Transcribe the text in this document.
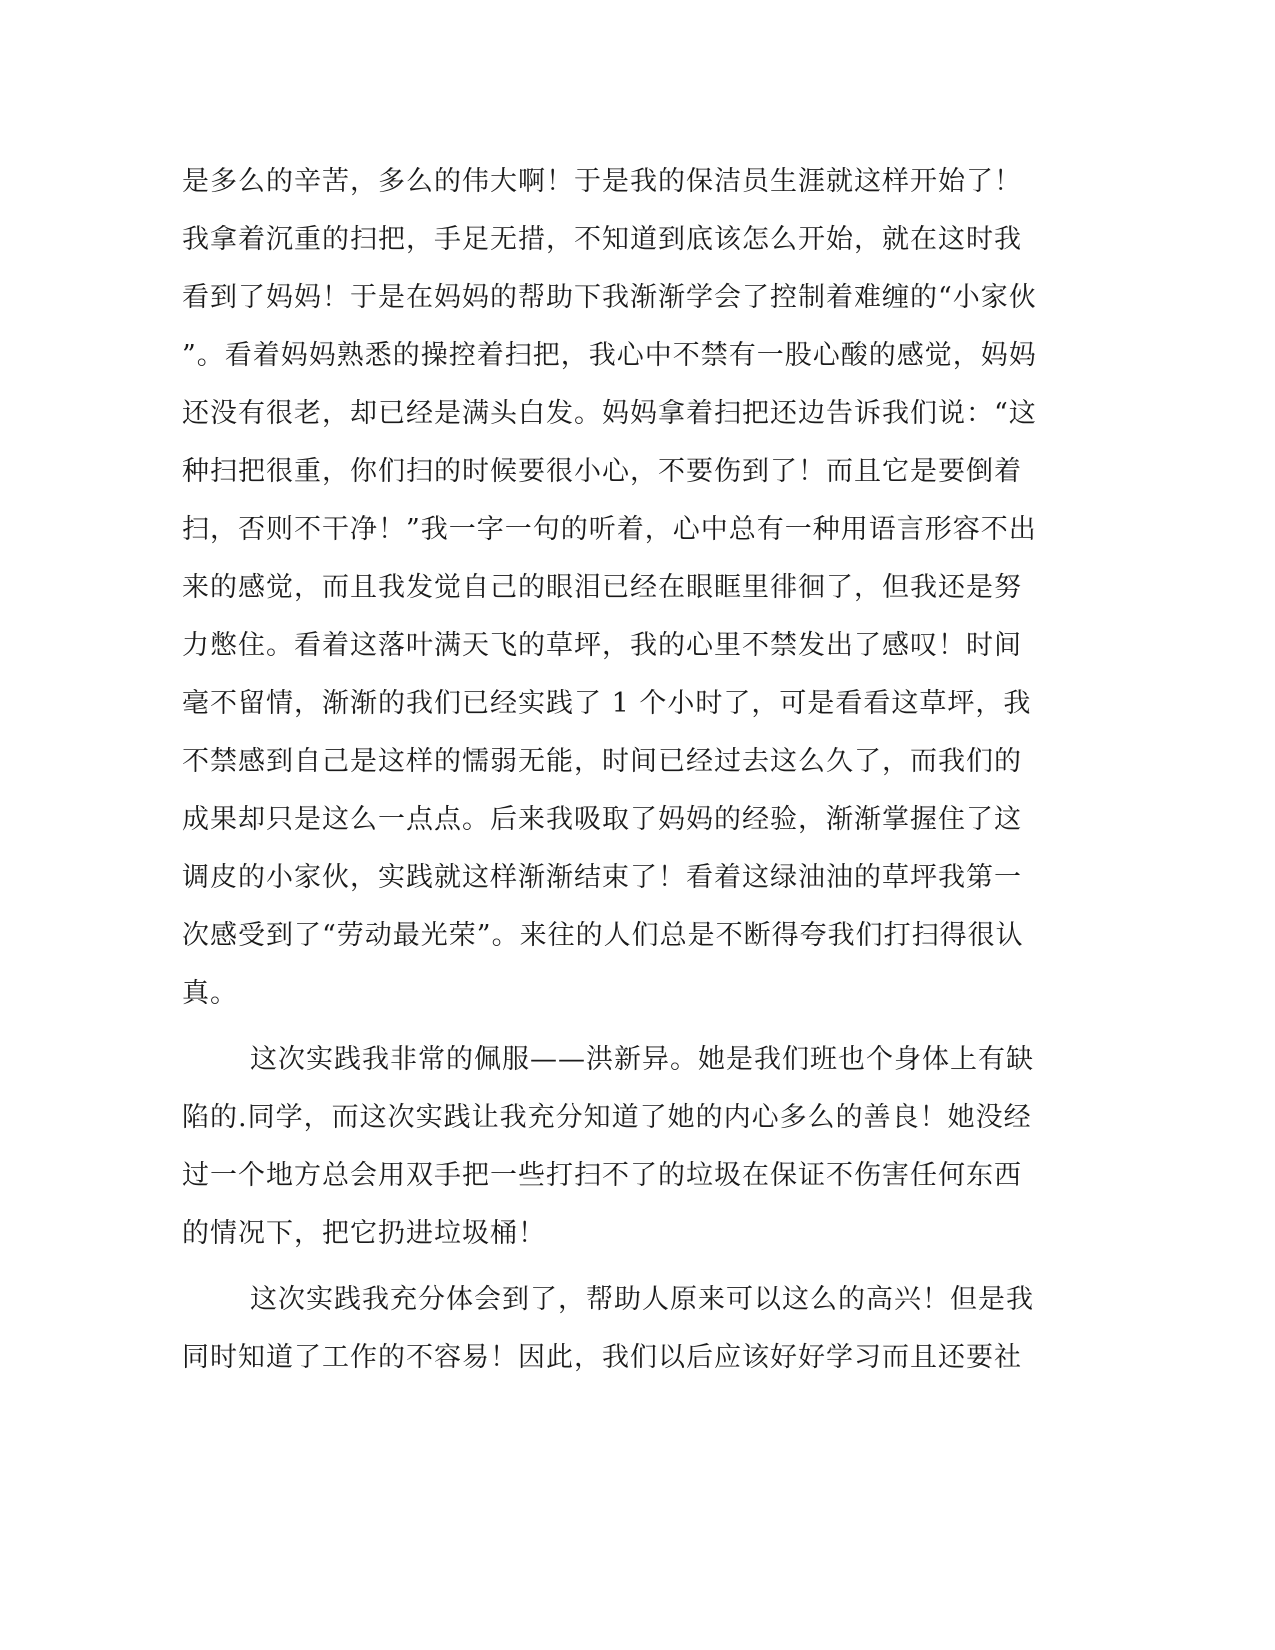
是多么的辛苦，多么的伟大啊！于是我的保洁员生涯就这样开始了！
我拿着沉重的扫把，手足无措，不知道到底该怎么开始，就在这时我
看到了妈妈！于是在妈妈的帮助下我渐渐学会了控制着难缠的“小家伙
”。看着妈妈熟悉的操控着扫把，我心中不禁有一股心酸的感觉，妈妈
还没有很老，却已经是满头白发。妈妈拿着扫把还边告诉我们说：“这
种扫把很重，你们扫的时候要很小心，不要伤到了！而且它是要倒着
扫，否则不干净！”我一字一句的听着，心中总有一种用语言形容不出
来的感觉，而且我发觉自己的眼泪已经在眼眶里徘徊了，但我还是努
力憋住。看着这落叶满天飞的草坪，我的心里不禁发出了感叹！时间
毫不留情，渐渐的我们已经实践了 1 个小时了，可是看看这草坪，我
不禁感到自己是这样的懦弱无能，时间已经过去这么久了，而我们的
成果却只是这么一点点。后来我吸取了妈妈的经验，渐渐掌握住了这
调皮的小家伙，实践就这样渐渐结束了！看着这绿油油的草坪我第一
次感受到了“劳动最光荣”。来往的人们总是不断得夸我们打扫得很认
真。
这次实践我非常的佩服——洪新异。她是我们班也个身体上有缺
陷的.同学，而这次实践让我充分知道了她的内心多么的善良！她没经
过一个地方总会用双手把一些打扫不了的垃圾在保证不伤害任何东西
的情况下，把它扔进垃圾桶！
这次实践我充分体会到了，帮助人原来可以这么的高兴！但是我
同时知道了工作的不容易！因此，我们以后应该好好学习而且还要社
